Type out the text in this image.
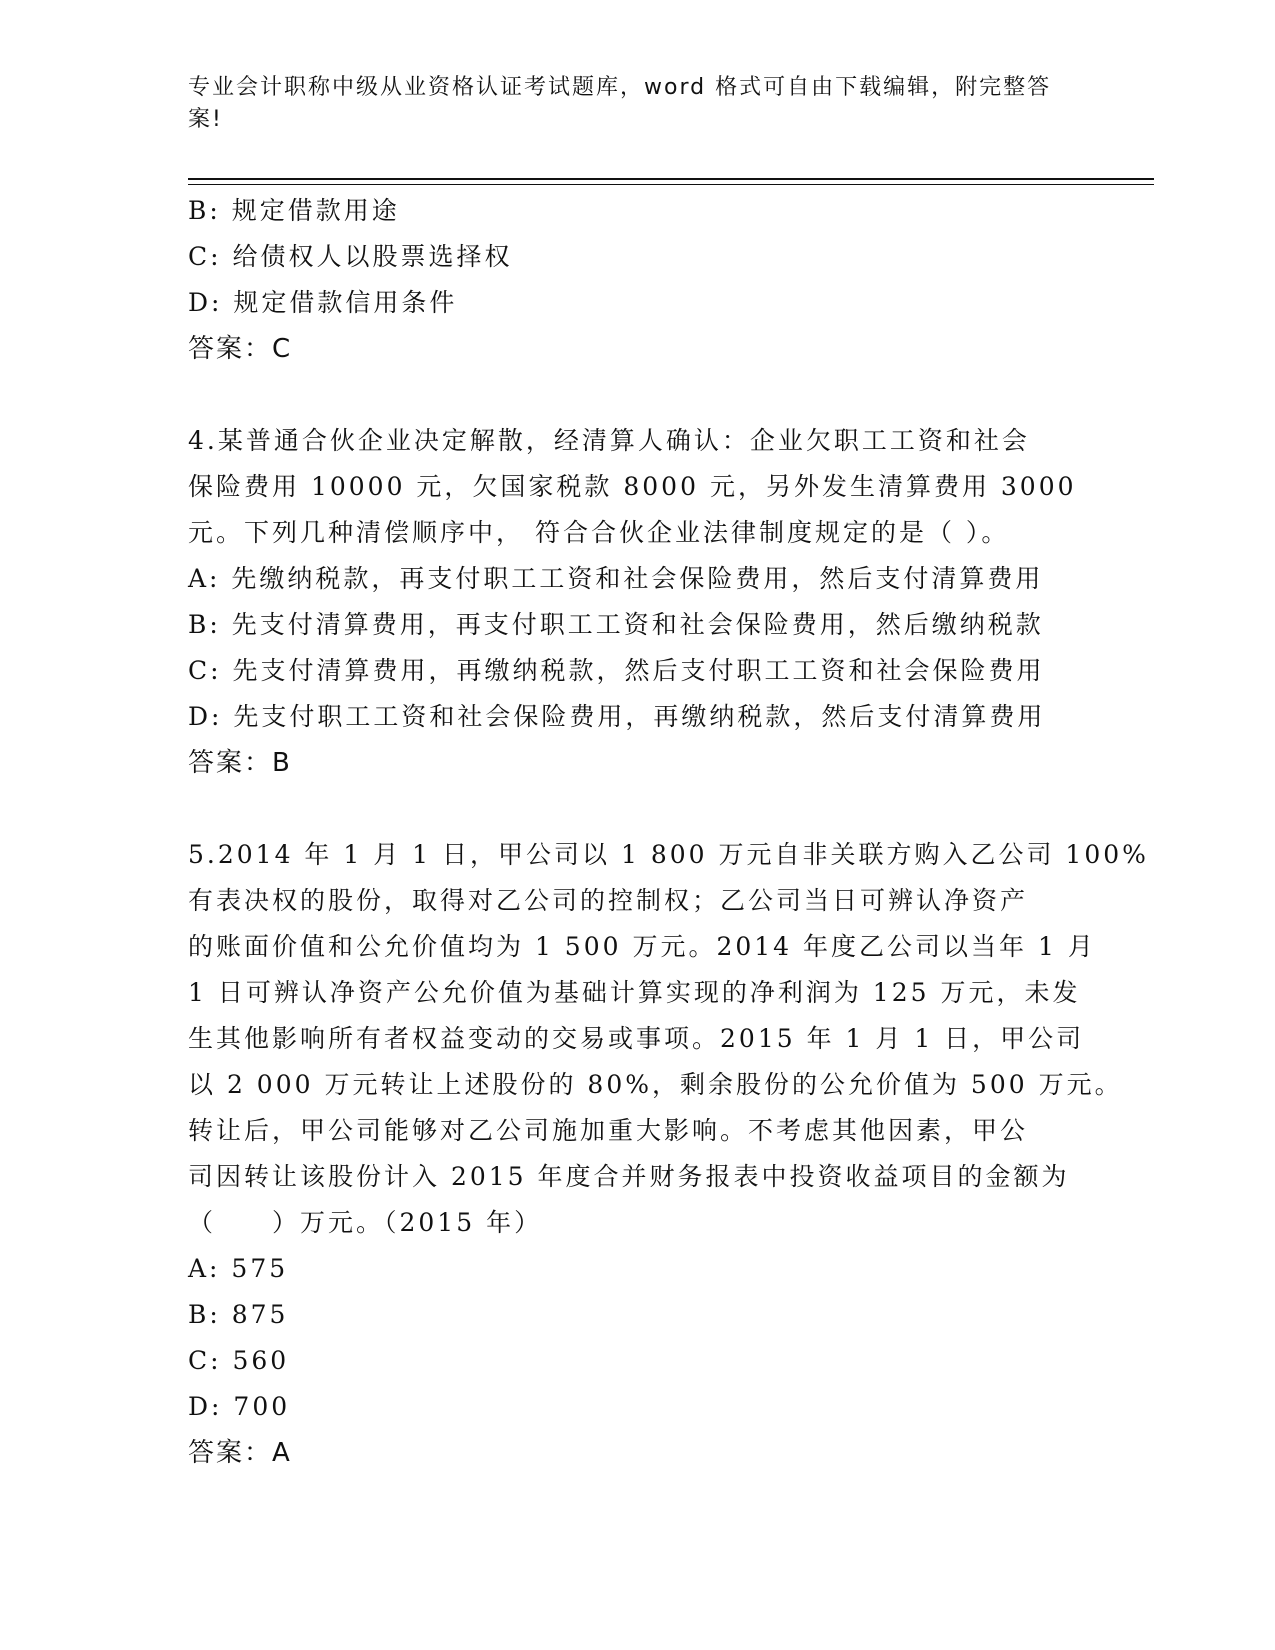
专业会计职称中级从业资格认证考试题库，word 格式可自由下载编辑，附完整答
案!
B: 规定借款用途
C: 给债权人以股票选择权
D: 规定借款信用条件
答案：C
4.某普通合伙企业决定解散，经清算人确认：企业欠职工工资和社会
保险费用 10000 元，欠国家税款 8000 元，另外发生清算费用 3000
元。下列几种清偿顺序中， 符合合伙企业法律制度规定的是（ ）。
A: 先缴纳税款，再支付职工工资和社会保险费用，然后支付清算费用
B: 先支付清算费用，再支付职工工资和社会保险费用，然后缴纳税款
C: 先支付清算费用，再缴纳税款，然后支付职工工资和社会保险费用
D: 先支付职工工资和社会保险费用，再缴纳税款，然后支付清算费用
答案：B
5.2014 年 1 月 1 日，甲公司以 1 800 万元自非关联方购入乙公司 100%
有表决权的股份，取得对乙公司的控制权；乙公司当日可辨认净资产
的账面价值和公允价值均为 1 500 万元。2014 年度乙公司以当年 1 月
1 日可辨认净资产公允价值为基础计算实现的净利润为 125 万元，未发
生其他影响所有者权益变动的交易或事项。2015 年 1 月 1 日，甲公司
以 2 000 万元转让上述股份的 80%，剩余股份的公允价值为 500 万元。
转让后，甲公司能够对乙公司施加重大影响。不考虑其他因素，甲公
司因转让该股份计入 2015 年度合并财务报表中投资收益项目的金额为
（　　）万元。（2015 年）
A: 575
B: 875
C: 560
D: 700
答案：A
